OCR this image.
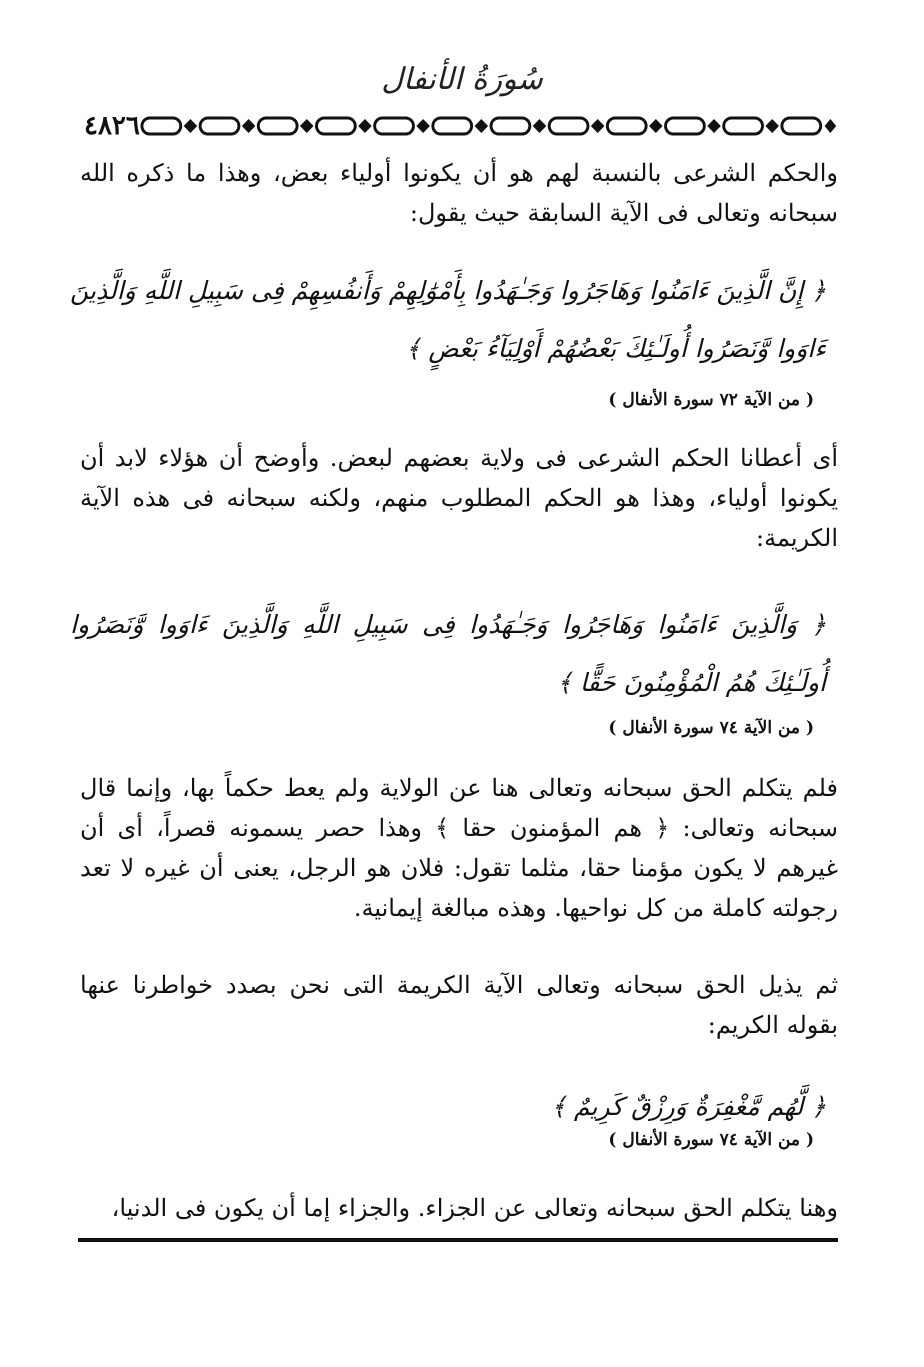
سُورَةُ الأنفال
٤٨٢٦

والحكم الشرعى بالنسبة لهم هو أن يكونوا أولياء بعض، وهذا ما ذكره الله سبحانه وتعالى فى الآية السابقة حيث يقول:

﴿ إِنَّ الَّذِينَ ءَامَنُوا وَهَاجَرُوا وَجَـٰهَدُوا بِأَمْوَٰلِهِمْ وَأَنفُسِهِمْ فِى سَبِيلِ اللَّهِ وَالَّذِينَ ءَاوَوا وَّنَصَرُوا أُولَـٰئِكَ بَعْضُهُمْ أَوْلِيَآءُ بَعْضٍ ﴾

( من الآية ٧٢ سورة الأنفال )

أى أعطانا الحكم الشرعى فى ولاية بعضهم لبعض. وأوضح أن هؤلاء لابد أن يكونوا أولياء، وهذا هو الحكم المطلوب منهم، ولكنه سبحانه فى هذه الآية الكريمة:

﴿ وَالَّذِينَ ءَامَنُوا وَهَاجَرُوا وَجَـٰهَدُوا فِى سَبِيلِ اللَّهِ وَالَّذِينَ ءَاوَوا وَّنَصَرُوا أُولَـٰئِكَ هُمُ الْمُؤْمِنُونَ حَقًّا ﴾

( من الآية ٧٤ سورة الأنفال )

فلم يتكلم الحق سبحانه وتعالى هنا عن الولاية ولم يعط حكماً بها، وإنما قال سبحانه وتعالى: ﴿ هم المؤمنون حقا ﴾ وهذا حصر يسمونه قصراً، أى أن غيرهم لا يكون مؤمنا حقا، مثلما تقول: فلان هو الرجل، يعنى أن غيره لا تعد رجولته كاملة من كل نواحيها. وهذه مبالغة إيمانية.

ثم يذيل الحق سبحانه وتعالى الآية الكريمة التى نحن بصدد خواطرنا عنها بقوله الكريم:

﴿ لَّهُم مَّغْفِرَةٌ وَرِزْقٌ كَرِيمٌ ﴾

( من الآية ٧٤ سورة الأنفال )

وهنا يتكلم الحق سبحانه وتعالى عن الجزاء. والجزاء إما أن يكون فى الدنيا،
